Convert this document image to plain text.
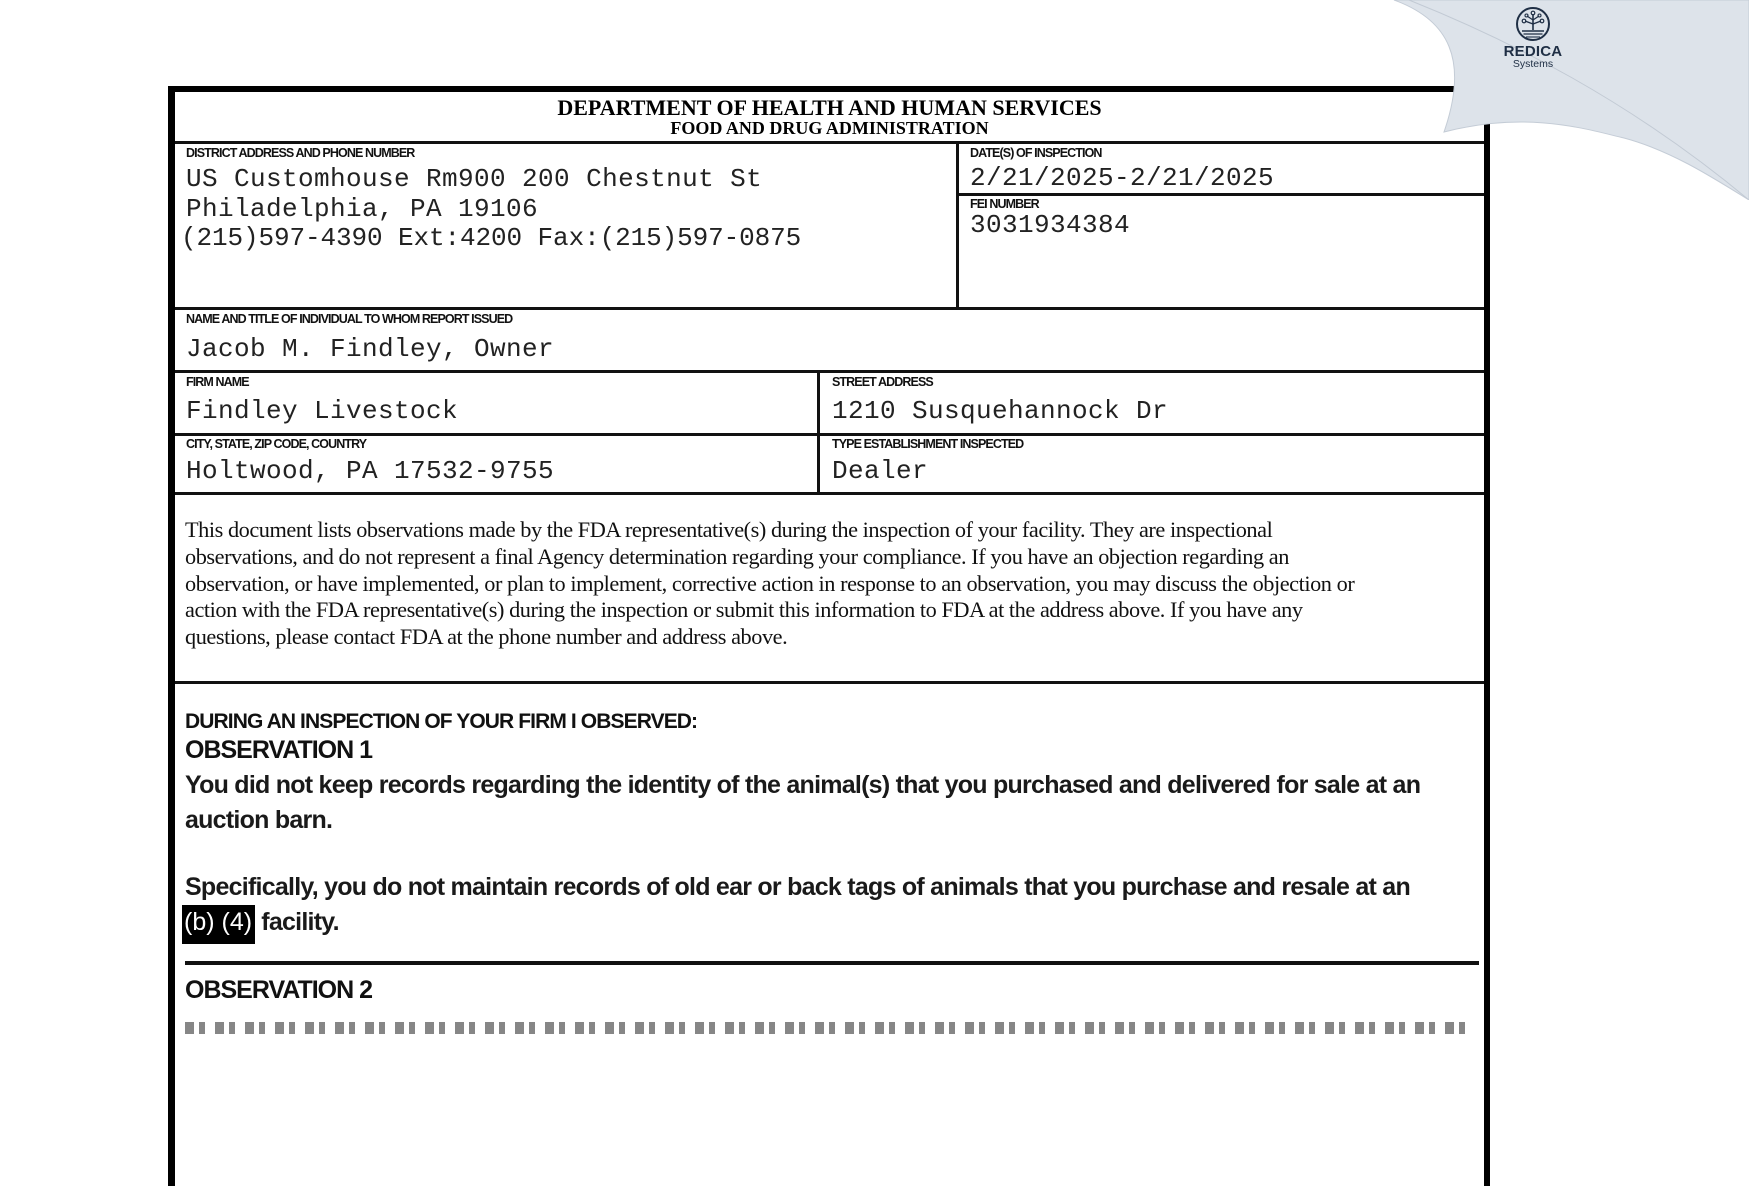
DEPARTMENT OF HEALTH AND HUMAN SERVICES
FOOD AND DRUG ADMINISTRATION
DISTRICT ADDRESS AND PHONE NUMBER
US Customhouse Rm900 200 Chestnut St
Philadelphia, PA 19106
(215)597-4390 Ext:4200 Fax:(215)597-0875
DATE(S) OF INSPECTION
2/21/2025-2/21/2025
FEI NUMBER
3031934384
NAME AND TITLE OF INDIVIDUAL TO WHOM REPORT ISSUED
Jacob M. Findley, Owner
FIRM NAME
Findley Livestock
STREET ADDRESS
1210 Susquehannock Dr
CITY, STATE, ZIP CODE, COUNTRY
Holtwood, PA 17532-9755
TYPE ESTABLISHMENT INSPECTED
Dealer
This document lists observations made by the FDA representative(s) during the inspection of your facility. They are inspectional
observations, and do not represent a final Agency determination regarding your compliance. If you have an objection regarding an
observation, or have implemented, or plan to implement, corrective action in response to an observation, you may discuss the objection or
action with the FDA representative(s) during the inspection or submit this information to FDA at the address above. If you have any
questions, please contact FDA at the phone number and address above.
DURING AN INSPECTION OF YOUR FIRM I OBSERVED:
OBSERVATION 1
You did not keep records regarding the identity of the animal(s) that you purchased and delivered for sale at an
auction barn.
Specifically, you do not maintain records of old ear or back tags of animals that you purchase and resale at an
(b) (4) facility.
OBSERVATION 2
REDICA
Systems
